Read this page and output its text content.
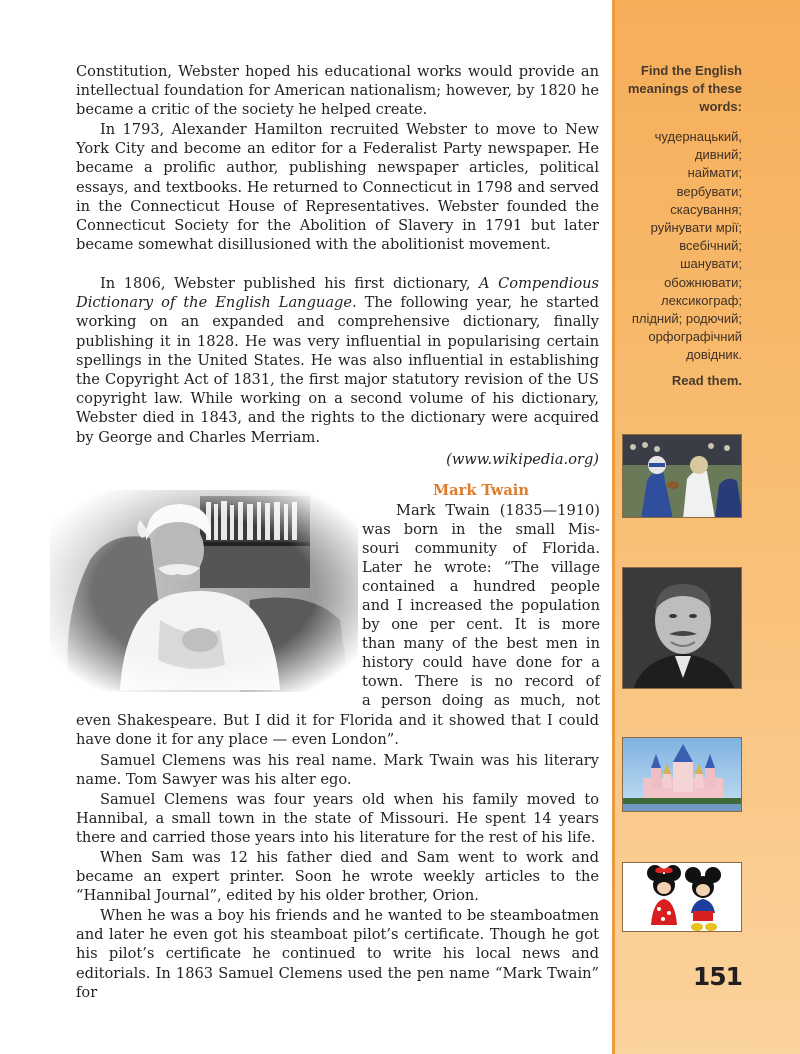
Constitution, Webster hoped his educational works would provide an intellectual foundation for American nationalism; however, by 1820 he became a critic of the society he helped create.

In 1793, Alexander Hamilton recruited Webster to move to New York City and become an editor for a Federalist Party newspaper. He became a prolific author, publishing newspaper articles, political essays, and textbooks. He returned to Connecticut in 1798 and served in the Connecticut House of Representatives. Webster founded the Connecticut Society for the Abolition of Slavery in 1791 but later became somewhat disillusioned with the abolitionist movement.

In 1806, Webster published his first dictionary, A Compendious Dictionary of the English Language. The following year, he started working on an expanded and comprehensive dictionary, finally publishing it in 1828. He was very influential in popularising certain spellings in the United States. He was also influential in establishing the Copyright Act of 1831, the first major statutory revision of the US copyright law. While working on a second volume of his dictionary, Webster died in 1843, and the rights to the dictionary were acquired by George and Charles Merriam.

(www.wikipedia.org)
Mark Twain
Mark Twain (1835—1910)
was born in the small Mis-
souri community of Florida.
Later he wrote: “The village
contained a hundred people
and I increased the population
by one per cent. It is more
than many of the best men in
history could have done for a
town. There is no record of
a person doing as much, not

even Shakespeare. But I did it for Florida and it showed that I could have done it for any place — even London”.

Samuel Clemens was his real name. Mark Twain was his literary name. Tom Sawyer was his alter ego.

Samuel Clemens was four years old when his family moved to Hannibal, a small town in the state of Missouri. He spent 14 years there and carried those years into his literature for the rest of his life.

When Sam was 12 his father died and Sam went to work and became an expert printer. Soon he wrote weekly articles to the “Hannibal Journal”, edited by his older brother, Orion.

When he was a boy his friends and he wanted to be steamboatmen and later he even got his steamboat pilot’s certificate. Though he got his pilot’s certificate he continued to write his local news and editorials. In 1863 Samuel Clemens used the pen name “Mark Twain” for

Find the English
meanings of these
words:
чудернацький,
дивний;
наймати;
вербувати;
скасування;
руйнувати мрії;
всебічний;
шанувати;
обожнювати;
лексикограф;
плідний; родючий;
орфографічний
довідник.
Read them.
151
